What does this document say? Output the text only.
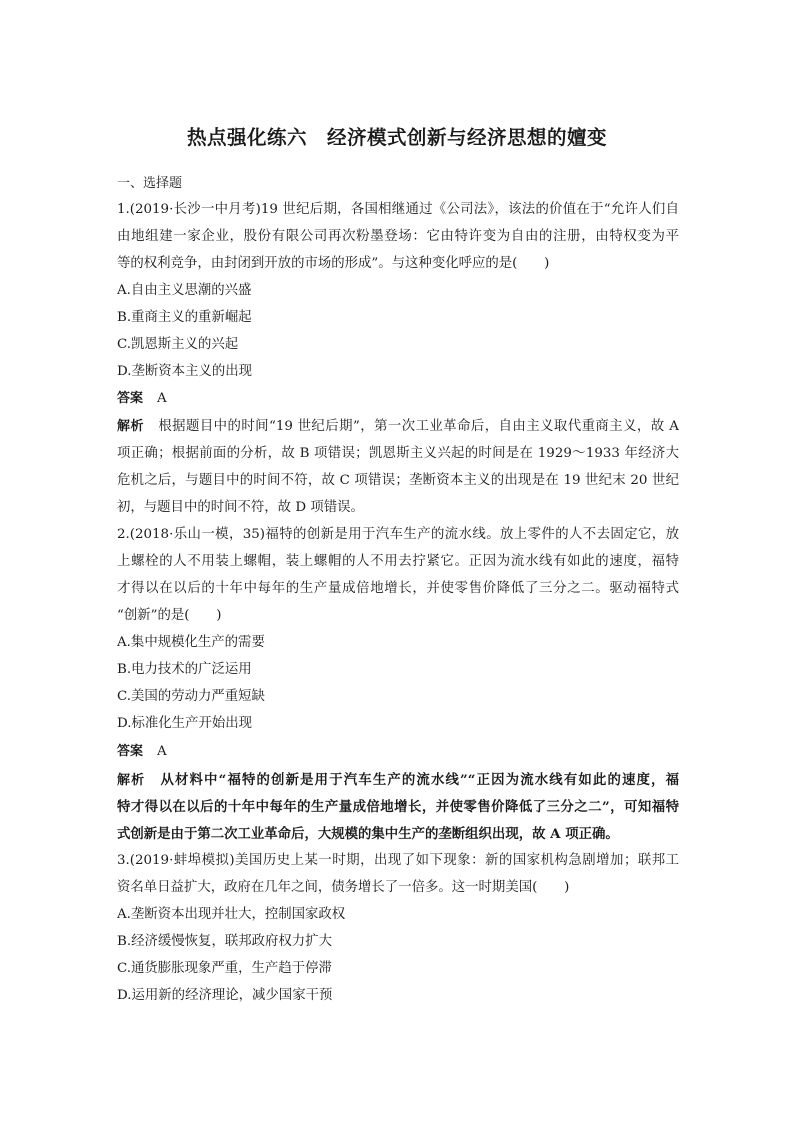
热点强化练六　经济模式创新与经济思想的嬗变
一、选择题
1.(2019·长沙一中月考)19 世纪后期，各国相继通过《公司法》，该法的价值在于“允许人们自
由地组建一家企业，股份有限公司再次粉墨登场：它由特许变为自由的注册，由特权变为平
等的权利竞争，由封闭到开放的市场的形成”。与这种变化呼应的是(　　)
A.自由主义思潮的兴盛
B.重商主义的重新崛起
C.凯恩斯主义的兴起
D.垄断资本主义的出现
答案 A
解析 根据题目中的时间“19 世纪后期”，第一次工业革命后，自由主义取代重商主义，故 A
项正确；根据前面的分析，故 B 项错误；凯恩斯主义兴起的时间是在 1929～1933 年经济大
危机之后，与题目中的时间不符，故 C 项错误；垄断资本主义的出现是在 19 世纪末 20 世纪
初，与题目中的时间不符，故 D 项错误。
2.(2018·乐山一模，35)福特的创新是用于汽车生产的流水线。放上零件的人不去固定它，放
上螺栓的人不用装上螺帽，装上螺帽的人不用去拧紧它。正因为流水线有如此的速度，福特
才得以在以后的十年中每年的生产量成倍地增长，并使零售价降低了三分之二。驱动福特式
“创新”的是(　　)
A.集中规模化生产的需要
B.电力技术的广泛运用
C.美国的劳动力严重短缺
D.标准化生产开始出现
答案 A
解析 从材料中“福特的创新是用于汽车生产的流水线”“正因为流水线有如此的速度，福
特才得以在以后的十年中每年的生产量成倍地增长，并使零售价降低了三分之二”，可知福特
式创新是由于第二次工业革命后，大规模的集中生产的垄断组织出现，故 A 项正确。
3.(2019·蚌埠模拟)美国历史上某一时期，出现了如下现象：新的国家机构急剧增加；联邦工
资名单日益扩大，政府在几年之间，债务增长了一倍多。这一时期美国(　　)
A.垄断资本出现并壮大，控制国家政权
B.经济缓慢恢复，联邦政府权力扩大
C.通货膨胀现象严重，生产趋于停滞
D.运用新的经济理论，减少国家干预
